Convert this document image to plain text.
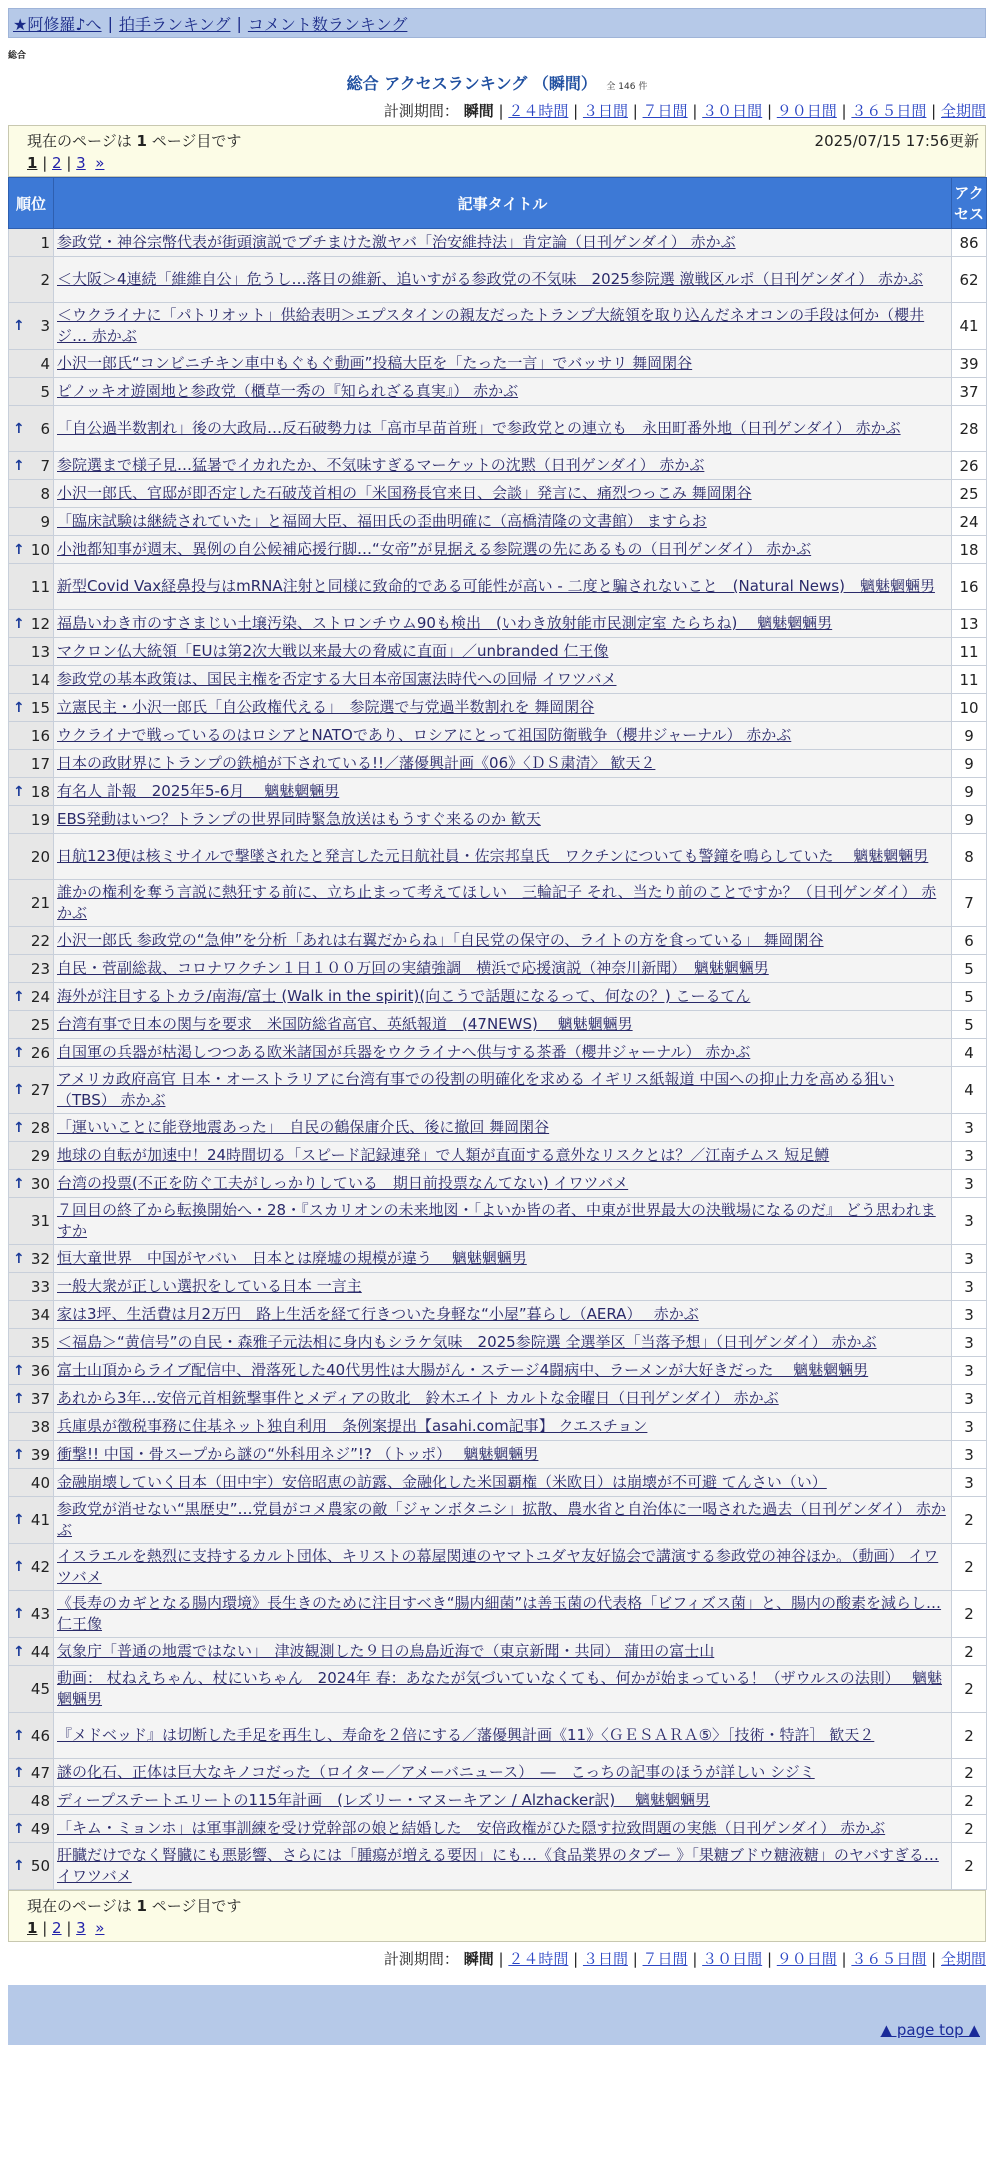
★阿修羅♪へ | 拍手ランキング | コメント数ランキング
総合
総合 アクセスランキング （瞬間） 全 146 件
計測期間： 瞬間 | ２４時間 | ３日間 | ７日間 | ３０日間 | ９０日間 | ３６５日間 | 全期間
現在のページは 1 ページ目です	2025/07/15 17:56更新
1 | 2 | 3 »
順位	記事タイトル	アクセス
1	参政党・神谷宗幣代表が街頭演説でブチまけた激ヤバ「治安維持法」肯定論（日刊ゲンダイ） 赤かぶ	86
2	＜大阪＞4連続「維維自公」危うし…落日の維新、追いすがる参政党の不気味　2025参院選 激戦区ルポ（日刊ゲンダイ） 赤かぶ	62

↑ 3	＜ウクライナに「パトリオット」供給表明＞エプスタインの親友だったトランプ大統領を取り込んだネオコンの手段は何か（櫻井ジ… 赤かぶ	41
4	小沢一郎氏“コンビニチキン車中もぐもぐ動画”投稿大臣を「たった一言」でバッサリ 舞岡閑谷	39
5	ピノッキオ遊園地と参政党（櫃草一秀の『知られざる真実』） 赤かぶ	37

↑ 6	「自公過半数割れ」後の大政局…反石破勢力は「高市早苗首班」で参政党との連立も　永田町番外地（日刊ゲンダイ） 赤かぶ	28

↑ 7	参院選まで様子見…猛暑でイカれたか、不気味すぎるマーケットの沈黙（日刊ゲンダイ） 赤かぶ	26
8	小沢一郎氏、官邸が即否定した石破茂首相の「米国務長官来日、会談」発言に、痛烈つっこみ 舞岡閑谷	25
9	「臨床試験は継続されていた」と福岡大臣、福田氏の歪曲明確に（高橋清隆の文書館） ますらお	24

↑ 10	小池都知事が週末、異例の自公候補応援行脚…“女帝”が見据える参院選の先にあるもの（日刊ゲンダイ） 赤かぶ	18
11	新型Covid Vax経鼻投与はmRNA注射と同様に致命的である可能性が高い - 二度と騙されないこと　(Natural News)　魑魅魍魎男	16

↑ 12	福島いわき市のすさまじい土壌汚染、ストロンチウム90も検出　(いわき放射能市民測定室 たらちね)　 魑魅魍魎男	13
13	マクロン仏大統領「EUは第2次大戦以来最大の脅威に直面」／unbranded 仁王像	11
14	参政党の基本政策は、国民主権を否定する大日本帝国憲法時代への回帰 イワツバメ	11

↑ 15	立憲民主・小沢一郎氏「自公政権代える」　参院選で与党過半数割れを 舞岡閑谷	10
16	ウクライナで戦っているのはロシアとNATOであり、ロシアにとって祖国防衛戦争（櫻井ジャーナル） 赤かぶ	9
17	日本の政財界にトランプの鉄槌が下されている!!／藩優興計画《06》〈ＤＳ粛清〉 歓天２	9

↑ 18	有名人 訃報　2025年5-6月　 魑魅魍魎男	9
19	EBS発動はいつ？トランプの世界同時緊急放送はもうすぐ来るのか 歓天	9
20	日航123便は核ミサイルで撃墜されたと発言した元日航社員・佐宗邦皇氏　ワクチンについても警鐘を鳴らしていた　 魑魅魍魎男	8
21	誰かの権利を奪う言説に熱狂する前に、立ち止まって考えてほしい　三輪記子 それ、当たり前のことですか？（日刊ゲンダイ） 赤かぶ	7
22	小沢一郎氏 参政党の“急伸”を分析「あれは右翼だからね」「自民党の保守の、ライトの方を食っている」 舞岡閑谷	6
23	自民・菅副総裁、コロナワクチン１日１００万回の実績強調　横浜で応援演説（神奈川新聞）　魑魅魍魎男	5

↑ 24	海外が注目するトカラ/南海/富士 (Walk in the spirit)(向こうで話題になるって、何なの？) こーるてん	5
25	台湾有事で日本の関与を要求　米国防総省高官、英紙報道　(47NEWS)　 魑魅魍魎男	5

↑ 26	自国軍の兵器が枯渇しつつある欧米諸国が兵器をウクライナへ供与する茶番（櫻井ジャーナル） 赤かぶ	4

↑ 27	アメリカ政府高官 日本・オーストラリアに台湾有事での役割の明確化を求める イギリス紙報道 中国への抑止力を高める狙い（TBS） 赤かぶ	4

↑ 28	「運いいことに能登地震あった」　自民の鶴保庸介氏、後に撤回 舞岡閑谷	3
29	地球の自転が加速中！24時間切る「スピード記録連発」で人類が直面する意外なリスクとは？／江南チムス 短足鱒	3

↑ 30	台湾の投票(不正を防ぐ工夫がしっかりしている　期日前投票なんてない) イワツバメ	3
31	７回目の終了から転換開始へ・28・『スカリオンの未来地図・「よいか皆の者、中東が世界最大の決戦場になるのだ』 どう思われますか	3

↑ 32	恒大童世界　中国がヤバい　日本とは廃墟の規模が違う　 魑魅魍魎男	3
33	一般大衆が正しい選択をしている日本 一言主	3
34	家は3坪、生活費は月2万円　路上生活を経て行きついた身軽な“小屋”暮らし（AERA）　 赤かぶ	3
35	＜福島＞“黄信号”の自民・森雅子元法相に身内もシラケ気味　2025参院選 全選挙区「当落予想」（日刊ゲンダイ） 赤かぶ	3

↑ 36	富士山頂からライブ配信中、滑落死した40代男性は大腸がん・ステージ4闘病中、ラーメンが大好きだった　 魑魅魍魎男	3

↑ 37	あれから3年…安倍元首相銃撃事件とメディアの敗北　鈴木エイト カルトな金曜日（日刊ゲンダイ） 赤かぶ	3
38	兵庫県が徴税事務に住基ネット独自利用　条例案提出【asahi.com記事】 クエスチョン	3

↑ 39	衝撃!! 中国・骨スープから謎の“外科用ネジ”!? （トッポ）　 魑魅魍魎男	3
40	金融崩壊していく日本（田中宇）安倍昭恵の訪露、金融化した米国覇権（米欧日）は崩壊が不可避 てんさい（い）	3

↑ 41	参政党が消せない“黒歴史”…党員がコメ農家の敵「ジャンボタニシ」拡散、農水省と自治体に一喝された過去（日刊ゲンダイ） 赤かぶ	2

↑ 42	イスラエルを熱烈に支持するカルト団体、キリストの幕屋関連のヤマトユダヤ友好協会で講演する参政党の神谷ほか。（動画） イワツバメ	2

↑ 43	《長寿のカギとなる腸内環境》長生きのために注目すべき“腸内細菌”は善玉菌の代表格「ビフィズス菌」と、腸内の酸素を減らし… 仁王像	2

↑ 44	気象庁「普通の地震ではない」　津波観測した９日の鳥島近海で（東京新聞・共同） 蒲田の富士山	2
45	動画： 杖ねえちゃん、杖にいちゃん　2024年 春：あなたが気づいていなくても、何かが始まっている！（ザウルスの法則）　 魑魅魍魎男	2

↑ 46	『メドベッド』は切断した手足を再生し、寿命を２倍にする／藩優興計画《11》〈ＧＥＳＡＲＡ⑤〉［技術・特許］ 歓天２	2

↑ 47	謎の化石、正体は巨大なキノコだった（ロイター／アメーバニュース）　―　こっちの記事のほうが詳しい シジミ	2
48	ディープステートエリートの115年計画　(レズリー・マヌーキアン / Alzhacker訳)　 魑魅魍魎男	2

↑ 49	「キム・ミョンホ」は軍事訓練を受け党幹部の娘と結婚した　安倍政権がひた隠す拉致問題の実態（日刊ゲンダイ） 赤かぶ	2

↑ 50	肝臓だけでなく腎臓にも悪影響、さらには「腫瘍が増える要因」にも…《食品業界のタブー 》「果糖ブドウ糖液糖」のヤバすぎる… イワツバメ	2
現在のページは 1 ページ目です
1 | 2 | 3 »
計測期間： 瞬間 | ２４時間 | ３日間 | ７日間 | ３０日間 | ９０日間 | ３６５日間 | 全期間
▲ page top ▲
